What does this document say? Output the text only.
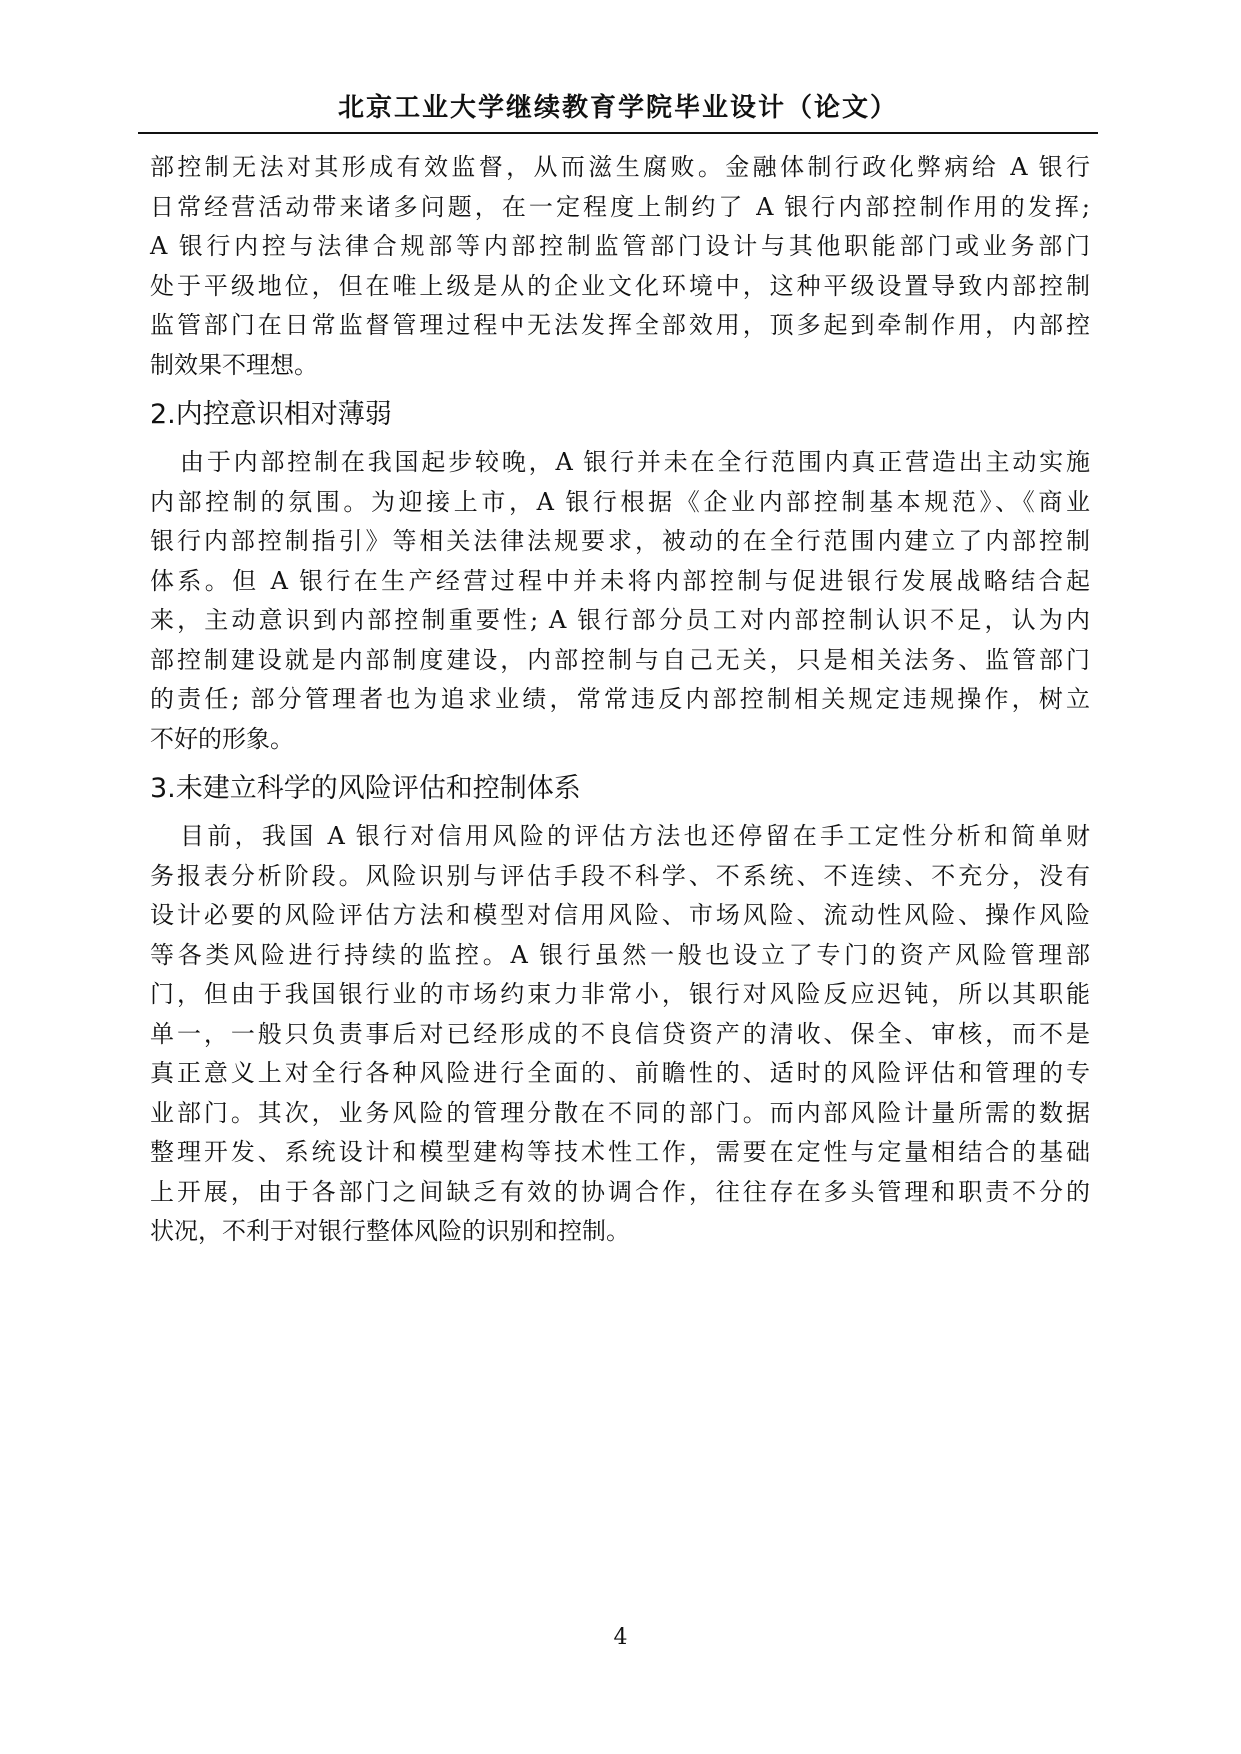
北京工业大学继续教育学院毕业设计（论文）
部控制无法对其形成有效监督，从而滋生腐败。金融体制行政化弊病给 A 银行
日常经营活动带来诸多问题，在一定程度上制约了 A 银行内部控制作用的发挥;
A 银行内控与法律合规部等内部控制监管部门设计与其他职能部门或业务部门
处于平级地位，但在唯上级是从的企业文化环境中，这种平级设置导致内部控制
监管部门在日常监督管理过程中无法发挥全部效用，顶多起到牵制作用，内部控
制效果不理想。
2.内控意识相对薄弱
由于内部控制在我国起步较晚，A 银行并未在全行范围内真正营造出主动实施
内部控制的氛围。为迎接上市，A 银行根据《企业内部控制基本规范》、《商业
银行内部控制指引》等相关法律法规要求，被动的在全行范围内建立了内部控制
体系。但 A 银行在生产经营过程中并未将内部控制与促进银行发展战略结合起
来，主动意识到内部控制重要性; A 银行部分员工对内部控制认识不足，认为内
部控制建设就是内部制度建设，内部控制与自己无关，只是相关法务、监管部门
的责任; 部分管理者也为追求业绩，常常违反内部控制相关规定违规操作，树立
不好的形象。
3.未建立科学的风险评估和控制体系
目前，我国 A 银行对信用风险的评估方法也还停留在手工定性分析和简单财
务报表分析阶段。风险识别与评估手段不科学、不系统、不连续、不充分，没有
设计必要的风险评估方法和模型对信用风险、市场风险、流动性风险、操作风险
等各类风险进行持续的监控。A 银行虽然一般也设立了专门的资产风险管理部
门，但由于我国银行业的市场约束力非常小，银行对风险反应迟钝，所以其职能
单一，一般只负责事后对已经形成的不良信贷资产的清收、保全、审核，而不是
真正意义上对全行各种风险进行全面的、前瞻性的、适时的风险评估和管理的专
业部门。其次，业务风险的管理分散在不同的部门。而内部风险计量所需的数据
整理开发、系统设计和模型建构等技术性工作，需要在定性与定量相结合的基础
上开展，由于各部门之间缺乏有效的协调合作，往往存在多头管理和职责不分的
状况，不利于对银行整体风险的识别和控制。
4
